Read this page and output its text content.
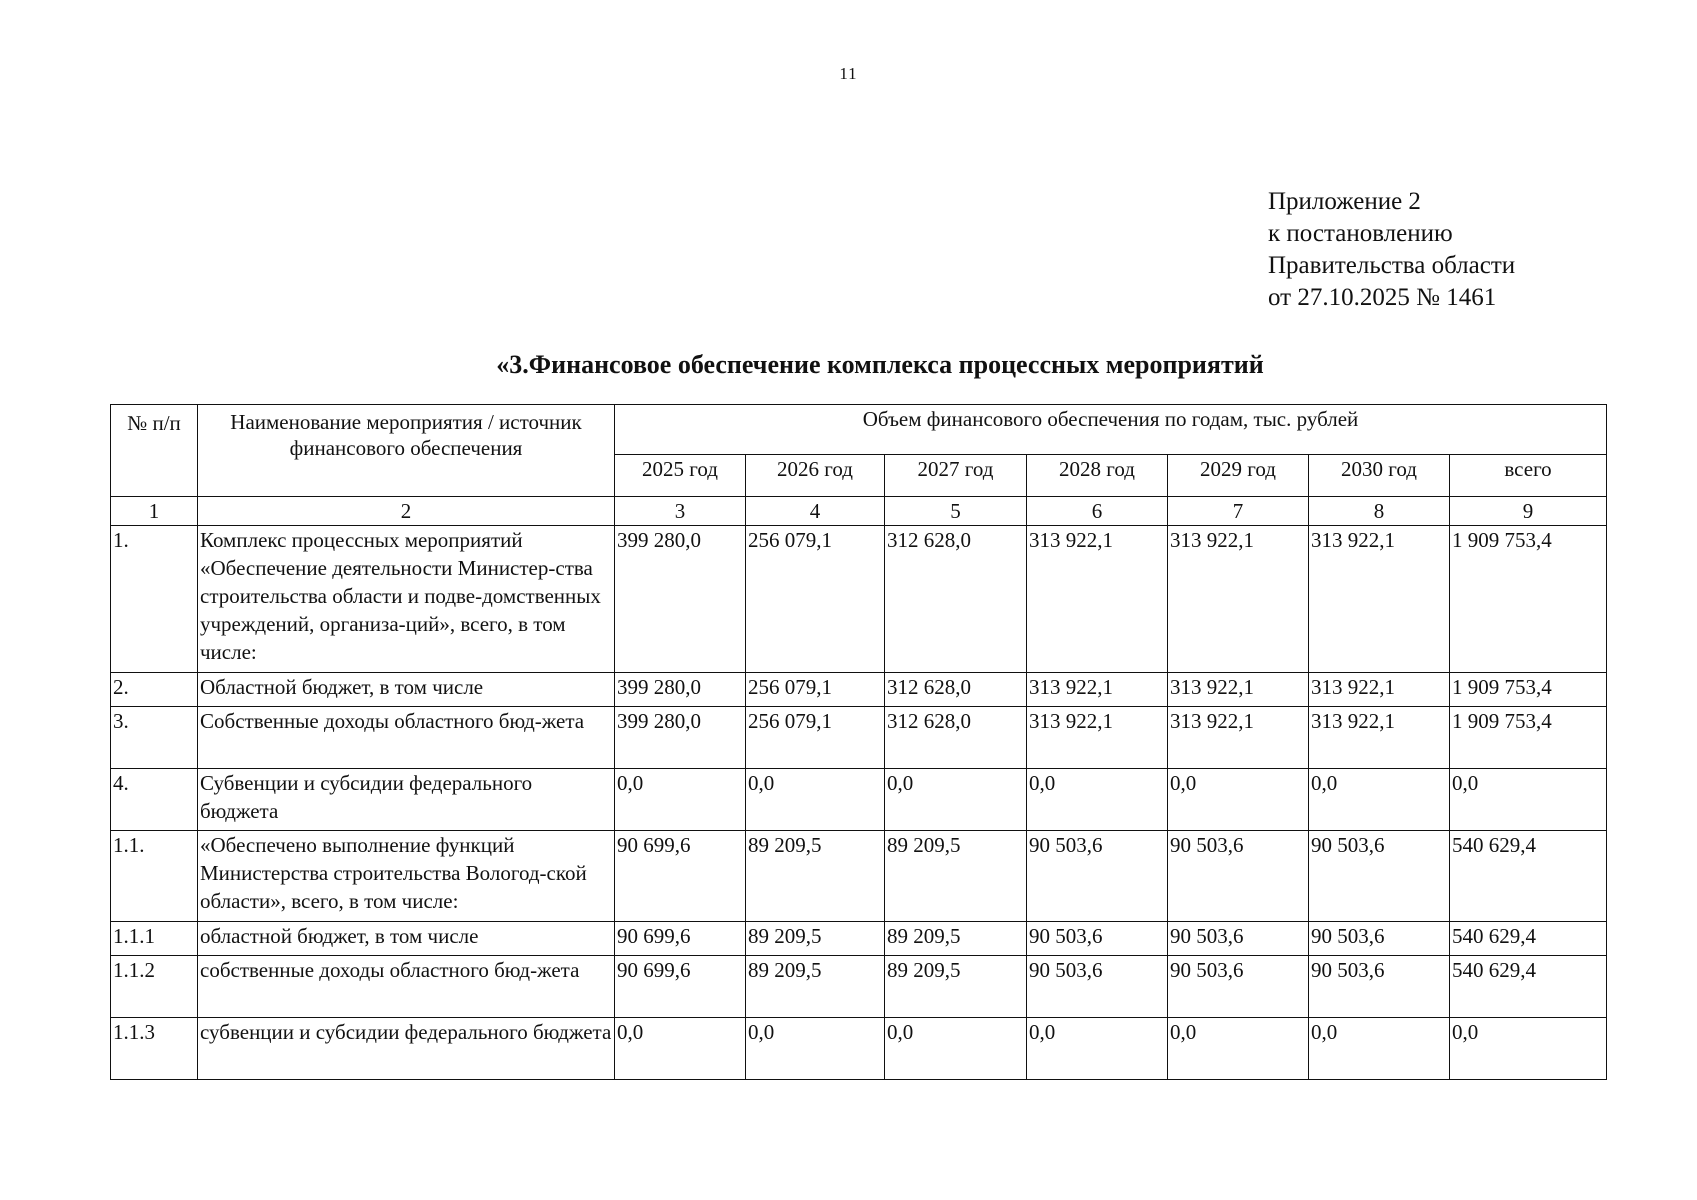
11
Приложение 2
к постановлению
Правительства области
от 27.10.2025 № 1461
«3.Финансовое обеспечение комплекса процессных мероприятий
№ п/п	Наименование мероприятия / источник финансового обеспечения	Объем финансового обеспечения по годам, тыс. рублей						
		2025 год	2026 год	2027 год	2028 год	2029 год	2030 год	всего
1	2	3	4	5	6	7	8	9
1.	Комплекс процессных мероприятий «Обеспечение деятельности Министер-ства строительства области и подве-домственных учреждений, организа-ций», всего, в том числе:	399 280,0	256 079,1	312 628,0	313 922,1	313 922,1	313 922,1	1 909 753,4
2.	Областной бюджет, в том числе	399 280,0	256 079,1	312 628,0	313 922,1	313 922,1	313 922,1	1 909 753,4
3.	Собственные доходы областного бюд-жета	399 280,0	256 079,1	312 628,0	313 922,1	313 922,1	313 922,1	1 909 753,4
4.	Субвенции и субсидии федерального бюджета	0,0	0,0	0,0	0,0	0,0	0,0	0,0
1.1.	«Обеспечено выполнение функций Министерства строительства Вологод-ской области», всего, в том числе:	90 699,6	89 209,5	89 209,5	90 503,6	90 503,6	90 503,6	540 629,4
1.1.1	областной бюджет, в том числе	90 699,6	89 209,5	89 209,5	90 503,6	90 503,6	90 503,6	540 629,4
1.1.2	собственные доходы областного бюд-жета	90 699,6	89 209,5	89 209,5	90 503,6	90 503,6	90 503,6	540 629,4
1.1.3	субвенции и субсидии федерального бюджета	0,0	0,0	0,0	0,0	0,0	0,0	0,0
